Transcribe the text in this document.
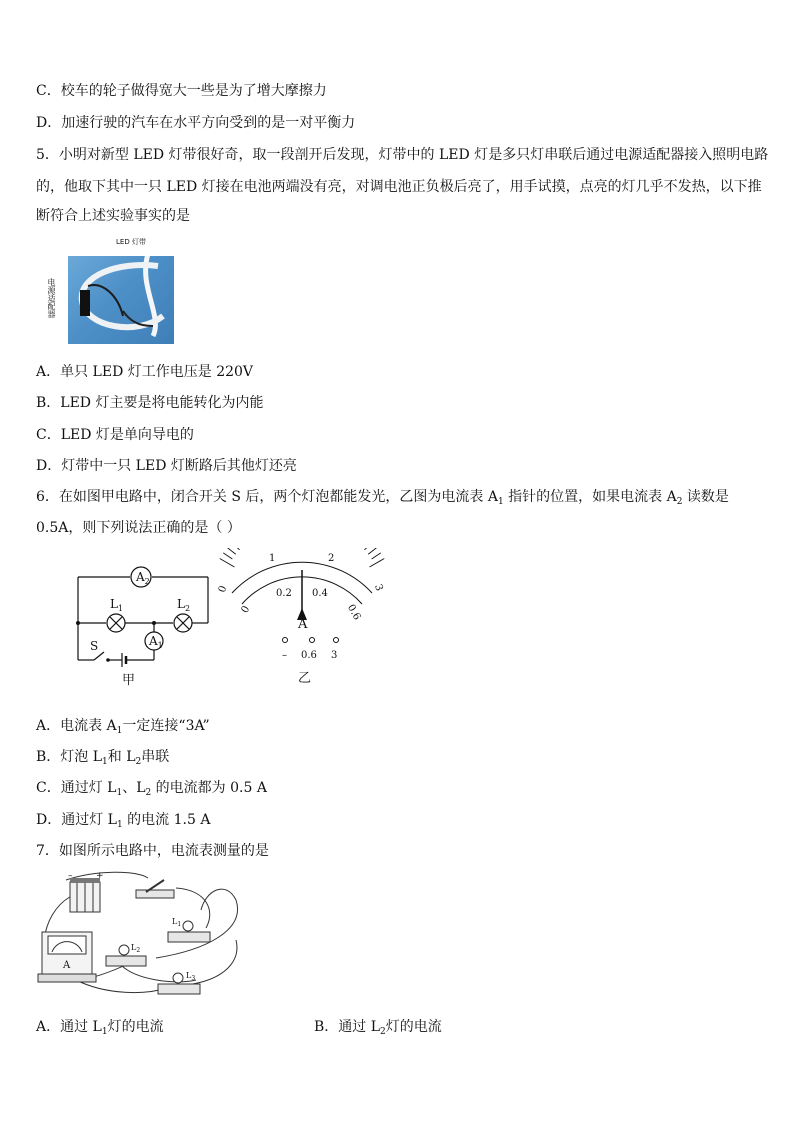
C．校车的轮子做得宽大一些是为了增大摩擦力
D．加速行驶的汽车在水平方向受到的是一对平衡力
5．小明对新型 LED 灯带很好奇，取一段剖开后发现，灯带中的 LED 灯是多只灯串联后通过电源适配器接入照明电路
的，他取下其中一只 LED 灯接在电池两端没有亮，对调电池正负极后亮了，用手试摸，点亮的灯几乎不发热，以下推
断符合上述实验事实的是
LED 灯带
电源适配器
A．单只 LED 灯工作电压是 220V
B．LED 灯主要是将电能转化为内能
C．LED 灯是单向导电的
D．灯带中一只 LED 灯断路后其他灯还亮
6．在如图甲电路中，闭合开关 S 后，两个灯泡都能发光，乙图为电流表 $A_1$ 指针的位置，如果电流表 $A_2$ 读数是
0.5A，则下列说法正确的是（ ）
$A_2$
$A_1$
$L_1$	$L_2$
S
甲
0
1	2
3
0
0.2 0.4
0.6
A
– 0.6 3
乙
A．电流表 $A_1$一定连接“3A”
B．灯泡 $L_1$和 $L_2$串联
C．通过灯 $L_1$、$L_2$ 的电流都为 0.5 A
D．通过灯 $L_1$ 的电流 1.5 A
7．如图所示电路中，电流表测量的是
–	+
$L_1$
$L_2$
$L_3$
A
A．通过 $L_1$灯的电流	B．通过 $L_2$灯的电流
